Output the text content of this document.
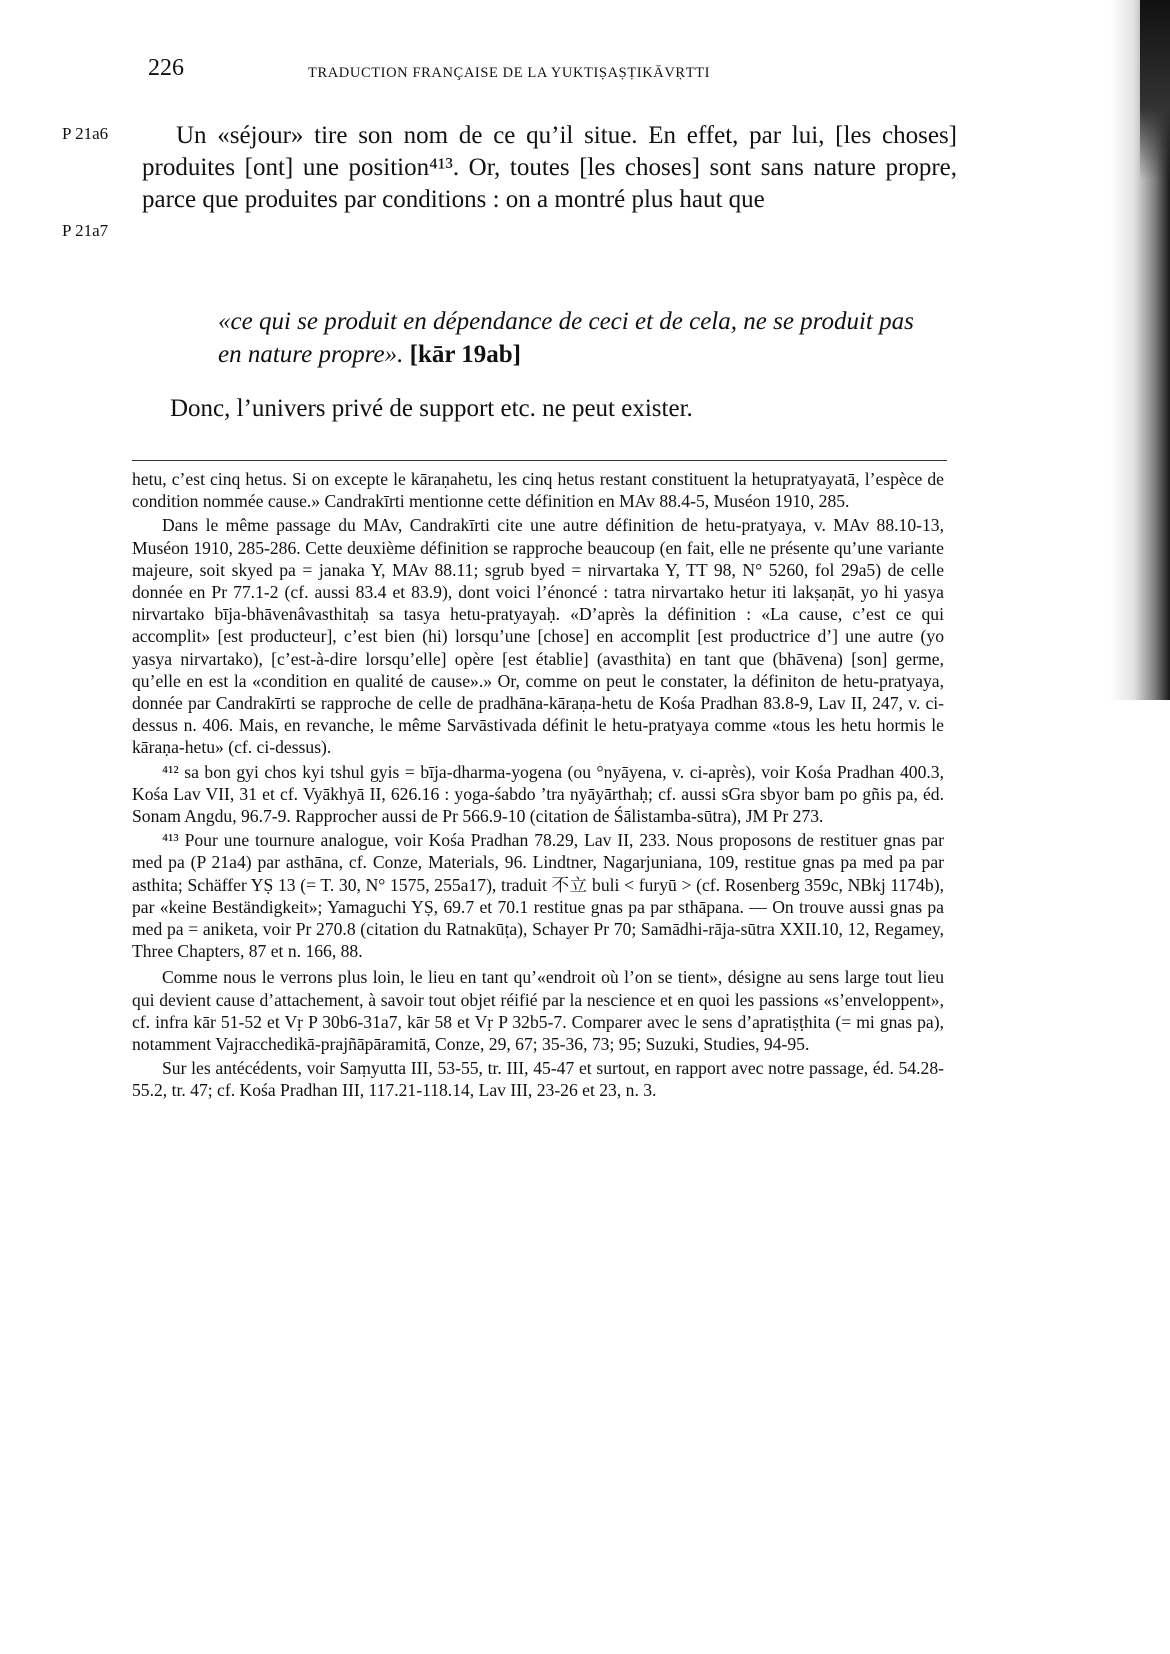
226	TRADUCTION FRANÇAISE DE LA YUKTIṢAṢṬIKĀVṚTTI
P 21a6
P 21a7

Un «séjour» tire son nom de ce qu’il situe. En effet, par lui, [les choses] produites [ont] une position⁴¹³. Or, toutes [les choses] sont sans nature propre, parce que produites par conditions : on a montré plus haut que

«ce qui se produit en dépendance de ceci et de cela, ne se produit pas en nature propre». [kār 19ab]
Donc, l’univers privé de support etc. ne peut exister.

hetu, c’est cinq hetus. Si on excepte le kāraṇahetu, les cinq hetus restant constituent la hetupratyayatā, l’espèce de condition nommée cause.» Candrakīrti mentionne cette définition en MAv 88.4-5, Muséon 1910, 285.

Dans le même passage du MAv, Candrakīrti cite une autre définition de hetu-pratyaya, v. MAv 88.10-13, Muséon 1910, 285-286. Cette deuxième définition se rapproche beaucoup (en fait, elle ne présente qu’une variante majeure, soit skyed pa = janaka Y, MAv 88.11; sgrub byed = nirvartaka Y, TT 98, N° 5260, fol 29a5) de celle donnée en Pr 77.1-2 (cf. aussi 83.4 et 83.9), dont voici l’énoncé : tatra nirvartako hetur iti lakṣaṇāt, yo hi yasya nirvartako bīja-bhāvenâvasthitaḥ sa tasya hetu-pratyayaḥ. «D’après la définition : «La cause, c’est ce qui accomplit» [est producteur], c’est bien (hi) lorsqu’une [chose] en accomplit [est productrice d’] une autre (yo yasya nirvartako), [c’est-à-dire lorsqu’elle] opère [est établie] (avasthita) en tant que (bhāvena) [son] germe, qu’elle en est la «condition en qualité de cause».» Or, comme on peut le constater, la définiton de hetu-pratyaya, donnée par Candrakīrti se rapproche de celle de pradhāna-kāraṇa-hetu de Kośa Pradhan 83.8-9, Lav II, 247, v. ci-dessus n. 406. Mais, en revanche, le même Sarvāstivada définit le hetu-pratyaya comme «tous les hetu hormis le kāraṇa-hetu» (cf. ci-dessus).

⁴¹² sa bon gyi chos kyi tshul gyis = bīja-dharma-yogena (ou °nyāyena, v. ci-après), voir Kośa Pradhan 400.3, Kośa Lav VII, 31 et cf. Vyākhyā II, 626.16 : yoga-śabdo ’tra nyāyārthaḥ; cf. aussi sGra sbyor bam po gñis pa, éd. Sonam Angdu, 96.7-9. Rapprocher aussi de Pr 566.9-10 (citation de Śālistamba-sūtra), JM Pr 273.

⁴¹³ Pour une tournure analogue, voir Kośa Pradhan 78.29, Lav II, 233. Nous proposons de restituer gnas par med pa (P 21a4) par asthāna, cf. Conze, Materials, 96. Lindtner, Nagarjuniana, 109, restitue gnas pa med pa par asthita; Schäffer YṢ 13 (= T. 30, N° 1575, 255a17), traduit 不立 buli < furyū > (cf. Rosenberg 359c, NBkj 1174b), par «keine Beständigkeit»; Yamaguchi YṢ, 69.7 et 70.1 restitue gnas pa par sthāpana. — On trouve aussi gnas pa med pa = aniketa, voir Pr 270.8 (citation du Ratnakūṭa), Schayer Pr 70; Samādhi-rāja-sūtra XXII.10, 12, Regamey, Three Chapters, 87 et n. 166, 88.

Comme nous le verrons plus loin, le lieu en tant qu’«endroit où l’on se tient», désigne au sens large tout lieu qui devient cause d’attachement, à savoir tout objet réifié par la nescience et en quoi les passions «s’enveloppent», cf. infra kār 51-52 et Vṛ P 30b6-31a7, kār 58 et Vṛ P 32b5-7. Comparer avec le sens d’apratiṣṭhita (= mi gnas pa), notamment Vajracchedikā-prajñāpāramitā, Conze, 29, 67; 35-36, 73; 95; Suzuki, Studies, 94-95.

Sur les antécédents, voir Saṃyutta III, 53-55, tr. III, 45-47 et surtout, en rapport avec notre passage, éd. 54.28-55.2, tr. 47; cf. Kośa Pradhan III, 117.21-118.14, Lav III, 23-26 et 23, n. 3.
